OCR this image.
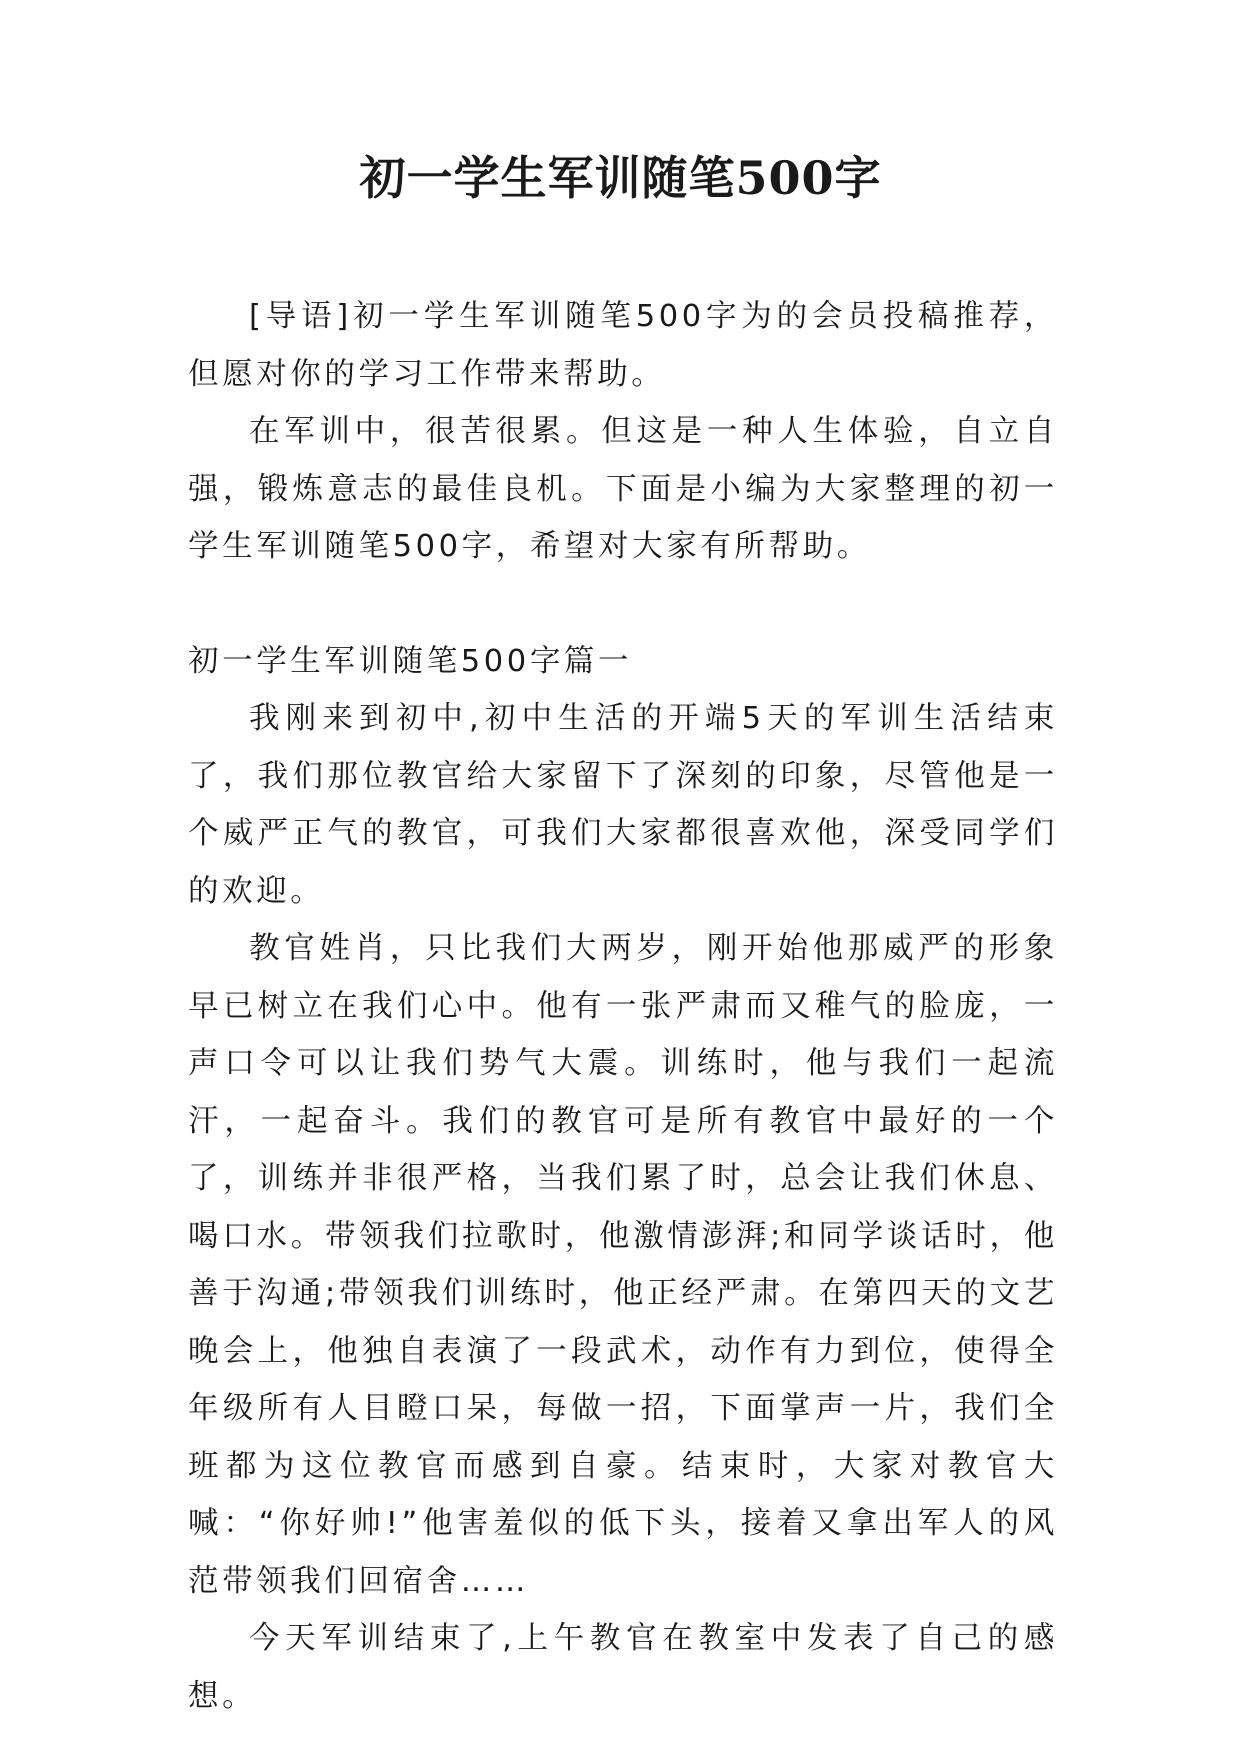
初一学生军训随笔500字

[导语]初一学生军训随笔500字为的会员投稿推荐，但愿对你的学习工作带来帮助。

在军训中，很苦很累。但这是一种人生体验，自立自强，锻炼意志的最佳良机。下面是小编为大家整理的初一学生军训随笔500字，希望对大家有所帮助。

初一学生军训随笔500字篇一

我刚来到初中,初中生活的开端5天的军训生活结束了，我们那位教官给大家留下了深刻的印象，尽管他是一个威严正气的教官，可我们大家都很喜欢他，深受同学们的欢迎。

教官姓肖，只比我们大两岁，刚开始他那威严的形象早已树立在我们心中。他有一张严肃而又稚气的脸庞，一声口令可以让我们势气大震。训练时，他与我们一起流汗，一起奋斗。我们的教官可是所有教官中最好的一个了，训练并非很严格，当我们累了时，总会让我们休息、喝口水。带领我们拉歌时，他激情澎湃;和同学谈话时，他善于沟通;带领我们训练时，他正经严肃。在第四天的文艺晚会上，他独自表演了一段武术，动作有力到位，使得全年级所有人目瞪口呆，每做一招，下面掌声一片，我们全班都为这位教官而感到自豪。结束时，大家对教官大喊：“你好帅!”他害羞似的低下头，接着又拿出军人的风范带领我们回宿舍……

今天军训结束了,上午教官在教室中发表了自己的感想。
